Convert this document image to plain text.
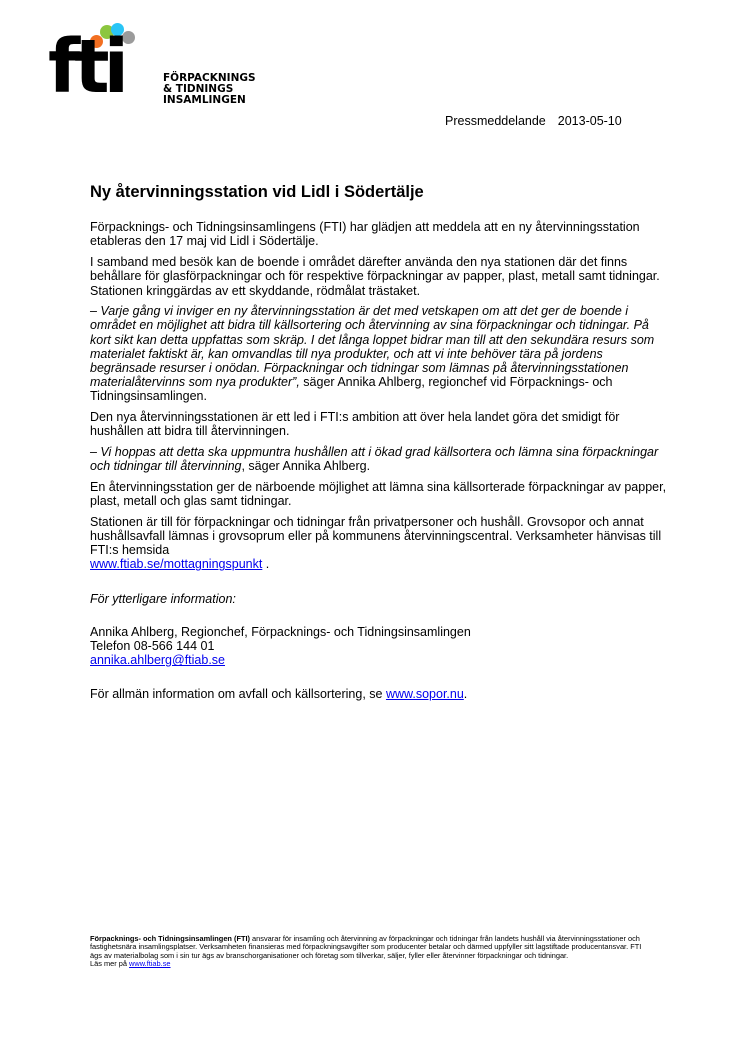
fti	FÖRPACKNINGS
& TIDNINGS
INSAMLINGEN
Pressmeddelande 2013-05-10
Ny återvinningsstation vid Lidl i Södertälje

Förpacknings- och Tidningsinsamlingens (FTI) har glädjen att meddela att en ny återvinningsstation etableras den 17 maj vid Lidl i Södertälje.

I samband med besök kan de boende i området därefter använda den nya stationen där det finns behållare för glasförpackningar och för respektive förpackningar av papper, plast, metall samt tidningar. Stationen kringgärdas av ett skyddande, rödmålat trästaket.

– Varje gång vi inviger en ny återvinningsstation är det med vetskapen om att det ger de boende i området en möjlighet att bidra till källsortering och återvinning av sina förpackningar och tidningar. På kort sikt kan detta uppfattas som skräp. I det långa loppet bidrar man till att den sekundära resurs som materialet faktiskt är, kan omvandlas till nya produkter, och att vi inte behöver tära på jordens begränsade resurser i onödan. Förpackningar och tidningar som lämnas på återvinningsstationen materialåtervinns som nya produkter”, säger Annika Ahlberg, regionchef vid Förpacknings- och Tidningsinsamlingen.

Den nya återvinningsstationen är ett led i FTI:s ambition att över hela landet göra det smidigt för hushållen att bidra till återvinningen.

– Vi hoppas att detta ska uppmuntra hushållen att i ökad grad källsortera och lämna sina förpackningar och tidningar till återvinning, säger Annika Ahlberg.

En återvinningsstation ger de närboende möjlighet att lämna sina källsorterade förpackningar av papper, plast, metall och glas samt tidningar.

Stationen är till för förpackningar och tidningar från privatpersoner och hushåll. Grovsopor och annat hushållsavfall lämnas i grovsoprum eller på kommunens återvinningscentral. Verksamheter hänvisas till FTI:s hemsida
www.ftiab.se/mottagningspunkt .

För ytterligare information:

Annika Ahlberg, Regionchef, Förpacknings- och Tidningsinsamlingen
Telefon 08-566 144 01
annika.ahlberg@ftiab.se

För allmän information om avfall och källsortering, se www.sopor.nu.

Förpacknings- och Tidningsinsamlingen (FTI) ansvarar för insamling och återvinning av förpackningar och tidningar från landets hushåll via återvinningsstationer och fastighetsnära insamlingsplatser. Verksamheten finansieras med förpackningsavgifter som producenter betalar och därmed uppfyller sitt lagstiftade producentansvar. FTI ägs av materialbolag som i sin tur ägs av branschorganisationer och företag som tillverkar, säljer, fyller eller återvinner förpackningar och tidningar.
Läs mer på www.ftiab.se
